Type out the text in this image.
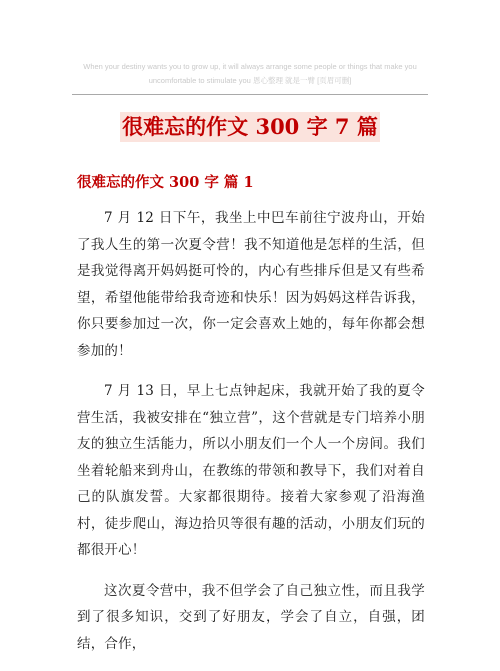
When your destiny wants you to grow up, it will always arrange some people or things that make you
uncomfortable to stimulate you 恩心整理 就是一臂 [页眉可删]
很难忘的作文 300 字 7 篇
很难忘的作文 300 字 篇 1

7 月 12 日下午，我坐上中巴车前往宁波舟山，开始了我人生的第一次夏令营！我不知道他是怎样的生活，但是我觉得离开妈妈挺可怜的，内心有些排斥但是又有些希望，希望他能带给我奇迹和快乐！因为妈妈这样告诉我，你只要参加过一次，你一定会喜欢上她的，每年你都会想参加的！

7 月 13 日，早上七点钟起床，我就开始了我的夏令营生活，我被安排在“独立营”，这个营就是专门培养小朋友的独立生活能力，所以小朋友们一个人一个房间。我们坐着轮船来到舟山，在教练的带领和教导下，我们对着自己的队旗发誓。大家都很期待。接着大家参观了沿海渔村，徒步爬山，海边拾贝等很有趣的活动，小朋友们玩的都很开心！

这次夏令营中，我不但学会了自己独立性，而且我学到了很多知识，交到了好朋友，学会了自立，自强，团结，合作，
